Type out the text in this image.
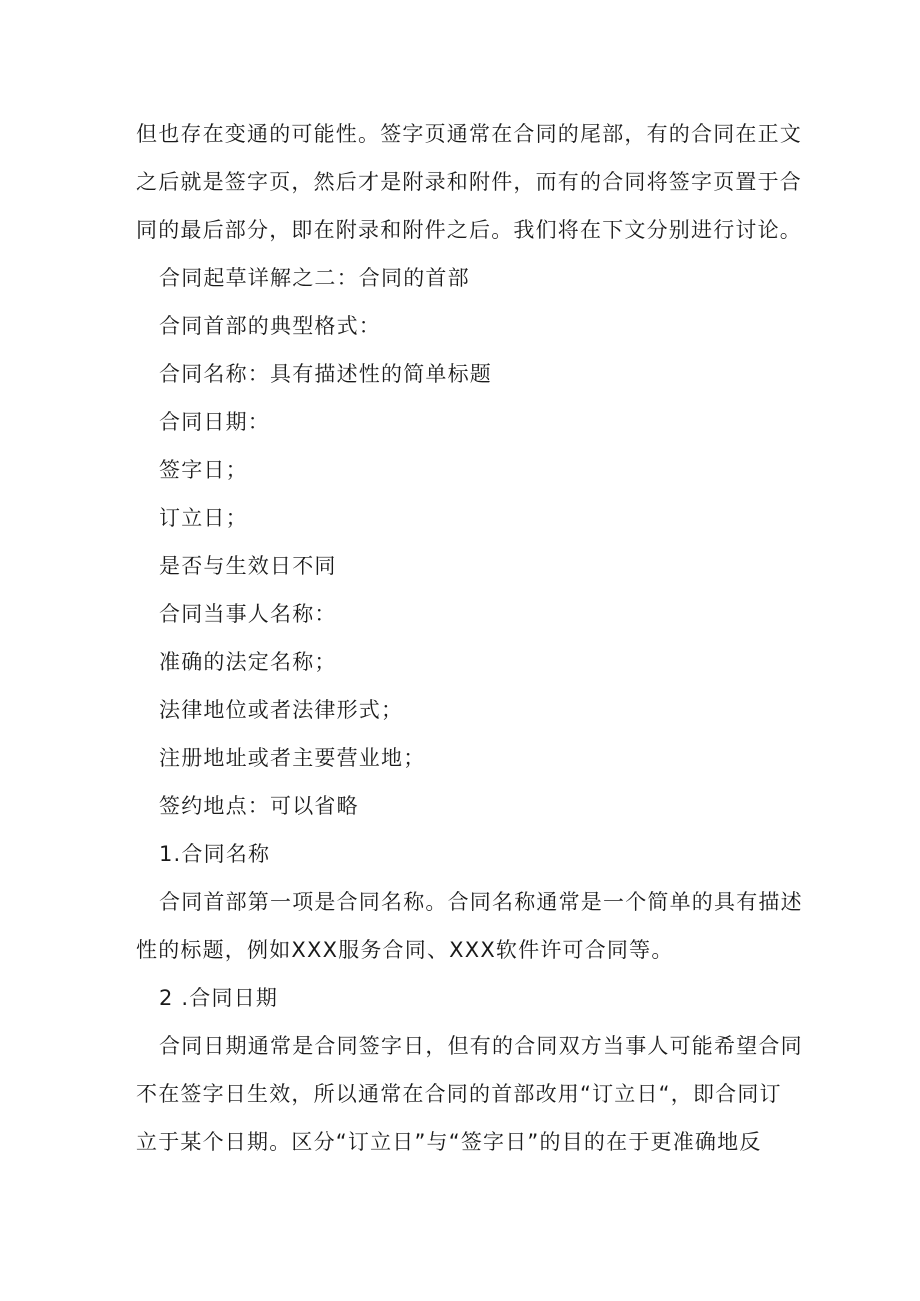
但也存在变通的可能性。签字页通常在合同的尾部，有的合同在正文
之后就是签字页，然后才是附录和附件，而有的合同将签字页置于合
同的最后部分，即在附录和附件之后。我们将在下文分别进行讨论。

合同起草详解之二：合同的首部

合同首部的典型格式：

合同名称：具有描述性的简单标题

合同日期：

签字日；

订立日；

是否与生效日不同

合同当事人名称：

准确的法定名称；

法律地位或者法律形式；

注册地址或者主要营业地；

签约地点：可以省略

1.合同名称

合同首部第一项是合同名称。合同名称通常是一个简单的具有描述
性的标题，例如XXX服务合同、XXX软件许可合同等。

2 .合同日期

合同日期通常是合同签字日，但有的合同双方当事人可能希望合同
不在签字日生效，所以通常在合同的首部改用“订立日“，即合同订
立于某个日期。区分“订立日”与“签字日”的目的在于更准确地反
